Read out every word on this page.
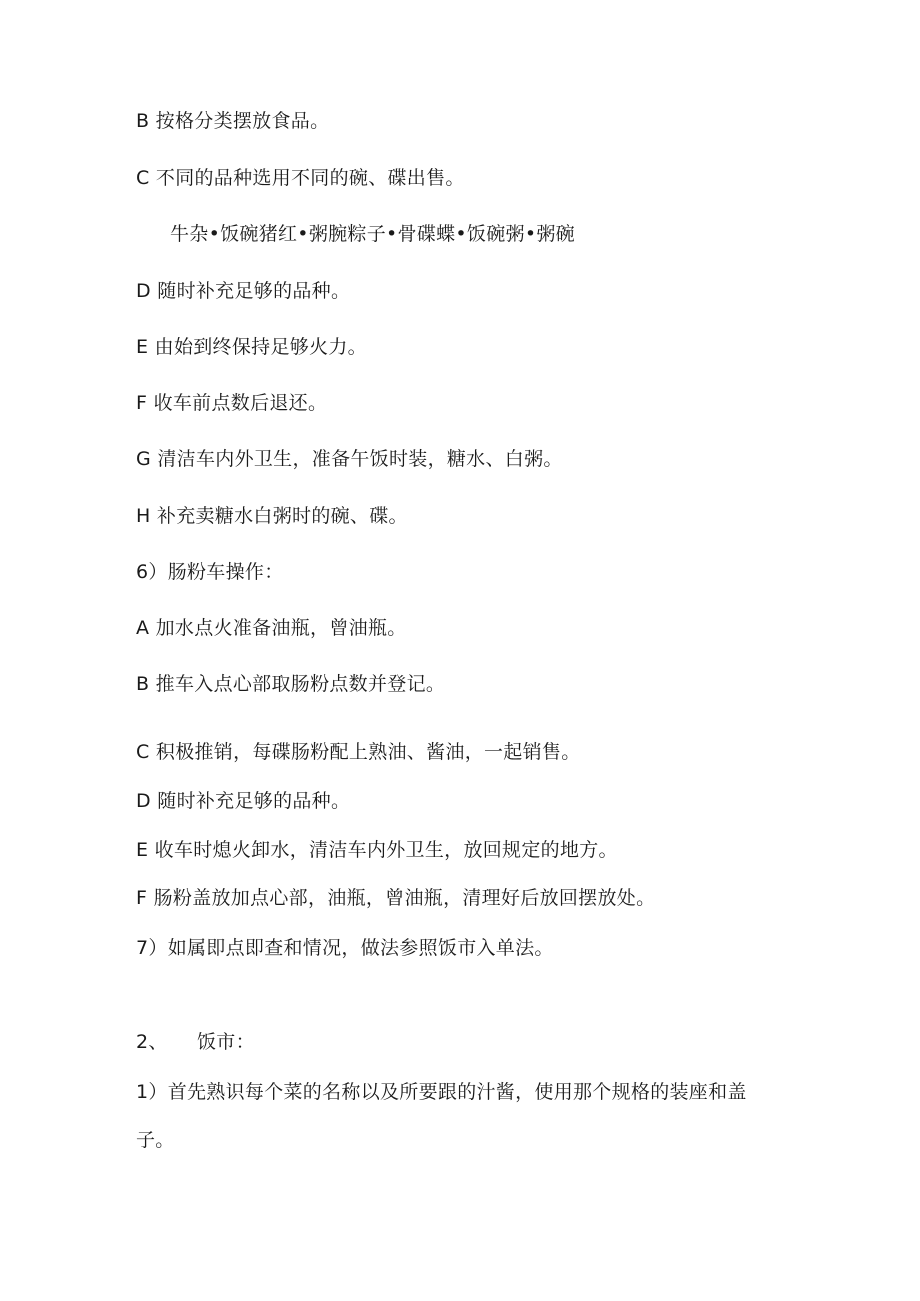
B 按格分类摆放食品。
C 不同的品种选用不同的碗、碟出售。
牛杂•饭碗猪红•粥腕粽子•骨碟蝶•饭碗粥•粥碗
D 随时补充足够的品种。
E 由始到终保持足够火力。
F 收车前点数后退还。
G 清洁车内外卫生，准备午饭时装，糖水、白粥。
H 补充卖糖水白粥时的碗、碟。
6）肠粉车操作：
A 加水点火准备油瓶，曾油瓶。
B 推车入点心部取肠粉点数并登记。
C 积极推销，每碟肠粉配上熟油、酱油，一起销售。
D 随时补充足够的品种。
E 收车时熄火卸水，清洁车内外卫生，放回规定的地方。
F 肠粉盖放加点心部，油瓶，曾油瓶，清理好后放回摆放处。
7）如属即点即查和情况，做法参照饭市入单法。
2、 饭市：
1）首先熟识每个菜的名称以及所要跟的汁酱，使用那个规格的装座和盖
子。
